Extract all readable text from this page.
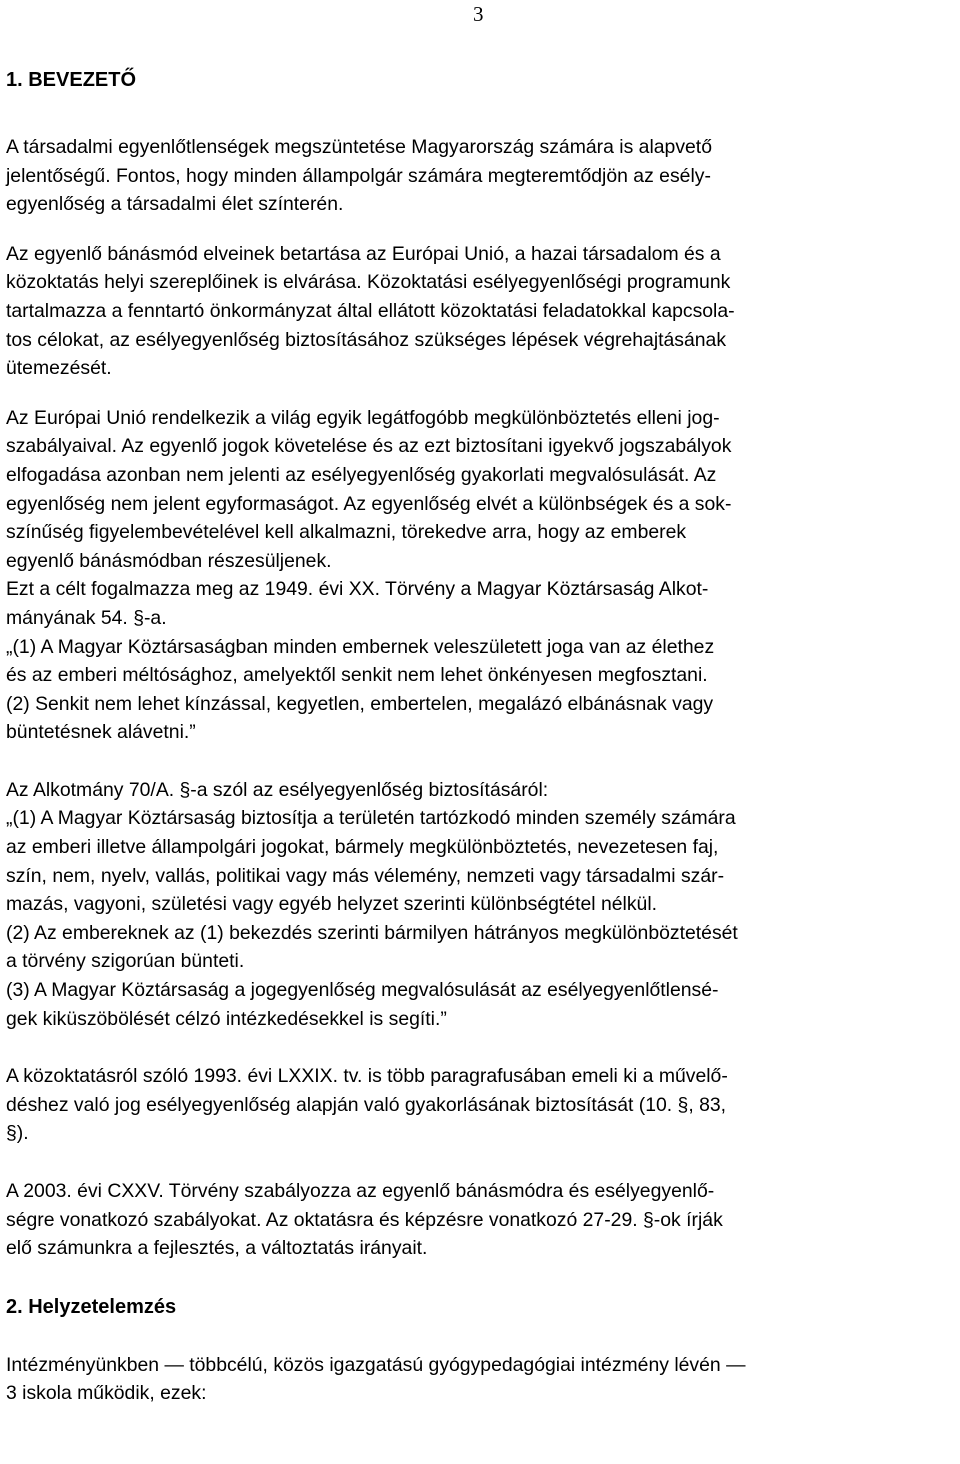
3
1. BEVEZETŐ

A társadalmi egyenlőtlenségek megszüntetése Magyarország számára is alapvető
jelentőségű. Fontos, hogy minden állampolgár számára megteremtődjön az esély-
egyenlőség a társadalmi élet színterén.

Az egyenlő bánásmód elveinek betartása az Európai Unió, a hazai társadalom és a
közoktatás helyi szereplőinek is elvárása. Közoktatási esélyegyenlőségi programunk
tartalmazza a fenntartó önkormányzat által ellátott közoktatási feladatokkal kapcsola-
tos célokat, az esélyegyenlőség biztosításához szükséges lépések végrehajtásának
ütemezését.

Az Európai Unió rendelkezik a világ egyik legátfogóbb megkülönböztetés elleni jog-
szabályaival. Az egyenlő jogok követelése és az ezt biztosítani igyekvő jogszabályok
elfogadása azonban nem jelenti az esélyegyenlőség gyakorlati megvalósulását. Az
egyenlőség nem jelent egyformaságot. Az egyenlőség elvét a különbségek és a sok-
színűség figyelembevételével kell alkalmazni, törekedve arra, hogy az emberek
egyenlő bánásmódban részesüljenek.
Ezt a célt fogalmazza meg az 1949. évi XX. Törvény a Magyar Köztársaság Alkot-
mányának 54. §-a.
„(1) A Magyar Köztársaságban minden embernek veleszületett joga van az élethez
és az emberi méltósághoz, amelyektől senkit nem lehet önkényesen megfosztani.
(2) Senkit nem lehet kínzással, kegyetlen, embertelen, megalázó elbánásnak vagy
büntetésnek alávetni.”

Az Alkotmány 70/A. §-a szól az esélyegyenlőség biztosításáról:
„(1) A Magyar Köztársaság biztosítja a területén tartózkodó minden személy számára
az emberi illetve állampolgári jogokat, bármely megkülönböztetés, nevezetesen faj,
szín, nem, nyelv, vallás, politikai vagy más vélemény, nemzeti vagy társadalmi szár-
mazás, vagyoni, születési vagy egyéb helyzet szerinti különbségtétel nélkül.
(2) Az embereknek az (1) bekezdés szerinti bármilyen hátrányos megkülönböztetését
a törvény szigorúan bünteti.
(3) A Magyar Köztársaság a jogegyenlőség megvalósulását az esélyegyenlőtlensé-
gek kiküszöbölését célzó intézkedésekkel is segíti.”

A közoktatásról szóló 1993. évi LXXIX. tv. is több paragrafusában emeli ki a művelő-
déshez való jog esélyegyenlőség alapján való gyakorlásának biztosítását (10. §, 83,
§).

A 2003. évi CXXV. Törvény szabályozza az egyenlő bánásmódra és esélyegyenlő-
ségre vonatkozó szabályokat. Az oktatásra és képzésre vonatkozó 27-29. §-ok írják
elő számunkra a fejlesztés, a változtatás irányait.

2. Helyzetelemzés

Intézményünkben — többcélú, közös igazgatású gyógypedagógiai intézmény lévén —
3 iskola működik, ezek:
